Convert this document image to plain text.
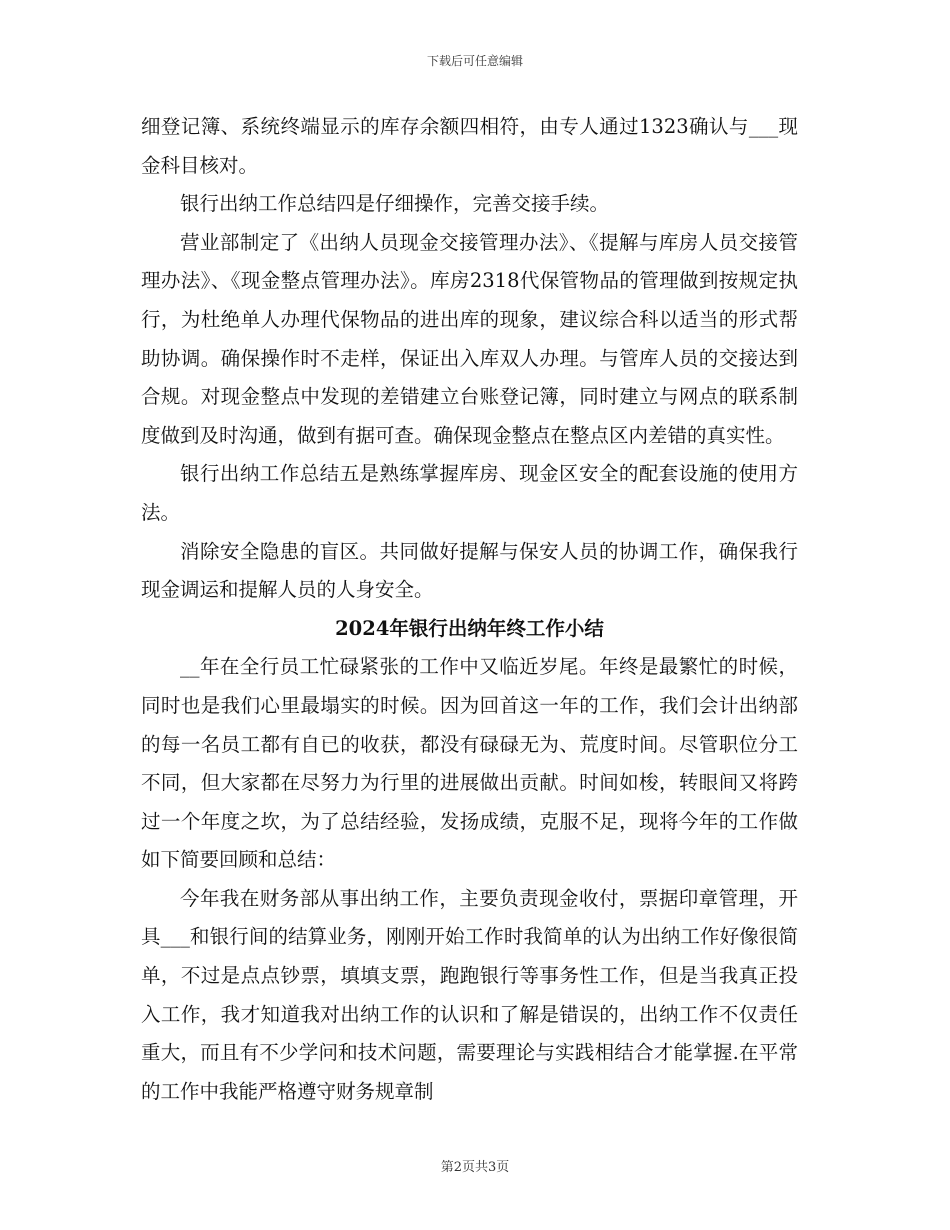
下载后可任意编辑

细登记簿、系统终端显示的库存余额四相符，由专人通过1323确认与___现金科目核对。

银行出纳工作总结四是仔细操作，完善交接手续。

营业部制定了《出纳人员现金交接管理办法》、《提解与库房人员交接管理办法》、《现金整点管理办法》。库房2318代保管物品的管理做到按规定执行，为杜绝单人办理代保物品的进出库的现象，建议综合科以适当的形式帮助协调。确保操作时不走样，保证出入库双人办理。与管库人员的交接达到合规。对现金整点中发现的差错建立台账登记簿，同时建立与网点的联系制度做到及时沟通，做到有据可查。确保现金整点在整点区内差错的真实性。

银行出纳工作总结五是熟练掌握库房、现金区安全的配套设施的使用方法。

消除安全隐患的盲区。共同做好提解与保安人员的协调工作，确保我行现金调运和提解人员的人身安全。

2024年银行出纳年终工作小结

__年在全行员工忙碌紧张的工作中又临近岁尾。年终是最繁忙的时候，同时也是我们心里最塌实的时候。因为回首这一年的工作，我们会计出纳部的每一名员工都有自已的收获，都没有碌碌无为、荒度时间。尽管职位分工不同，但大家都在尽努力为行里的进展做出贡献。时间如梭，转眼间又将跨过一个年度之坎，为了总结经验，发扬成绩，克服不足，现将今年的工作做如下简要回顾和总结：

今年我在财务部从事出纳工作，主要负责现金收付，票据印章管理，开具___和银行间的结算业务，刚刚开始工作时我简单的认为出纳工作好像很简单，不过是点点钞票，填填支票，跑跑银行等事务性工作，但是当我真正投入工作，我才知道我对出纳工作的认识和了解是错误的，出纳工作不仅责任重大，而且有不少学问和技术问题，需要理论与实践相结合才能掌握.在平常的工作中我能严格遵守财务规章制

第2页共3页
